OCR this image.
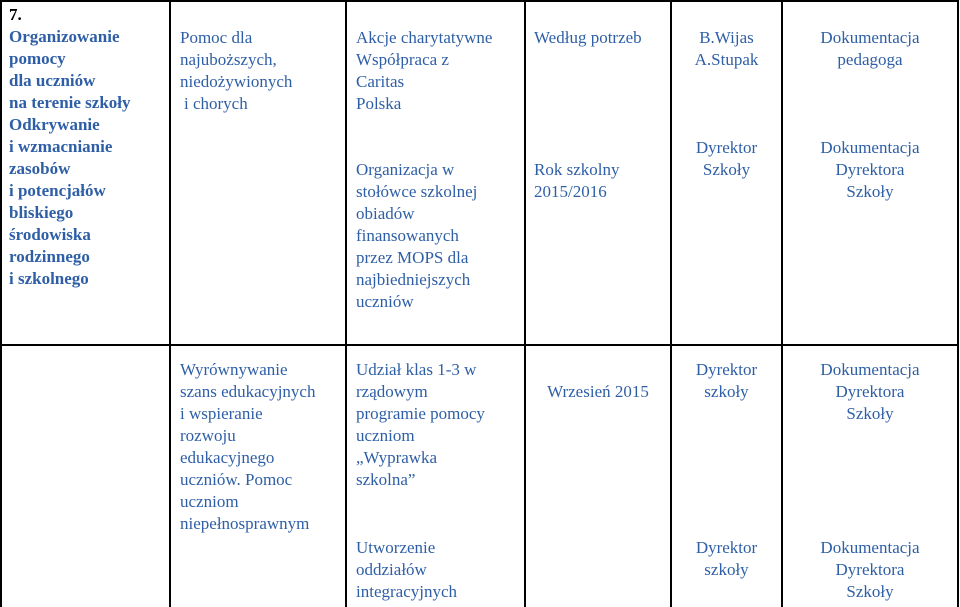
7.
Organizowanie
pomocy
dla uczniów
na terenie szkoły
Odkrywanie
i wzmacnianie
zasobów
i potencjałów
bliskiego
środowiska
rodzinnego
i szkolnego
Pomoc dla
najuboższych,
niedożywionych
i chorych
Akcje charytatywne
Współpraca z
Caritas
Polska
Organizacja w
stołówce szkolnej
obiadów
finansowanych
przez MOPS dla
najbiedniejszych
uczniów
Według potrzeb
Rok szkolny
2015/2016
B.Wijas
A.Stupak
Dyrektor
Szkoły
Dokumentacja
pedagoga
Dokumentacja
Dyrektora
Szkoły
Wyrównywanie
szans edukacyjnych
i wspieranie
rozwoju
edukacyjnego
uczniów. Pomoc
uczniom
niepełnosprawnym
Udział klas 1-3 w
rządowym
programie pomocy
uczniom
„Wyprawka
szkolna”
Utworzenie
oddziałów
integracyjnych
Wrzesień 2015
Dyrektor
szkoły
Dyrektor
szkoły
Dokumentacja
Dyrektora
Szkoły
Dokumentacja
Dyrektora
Szkoły
